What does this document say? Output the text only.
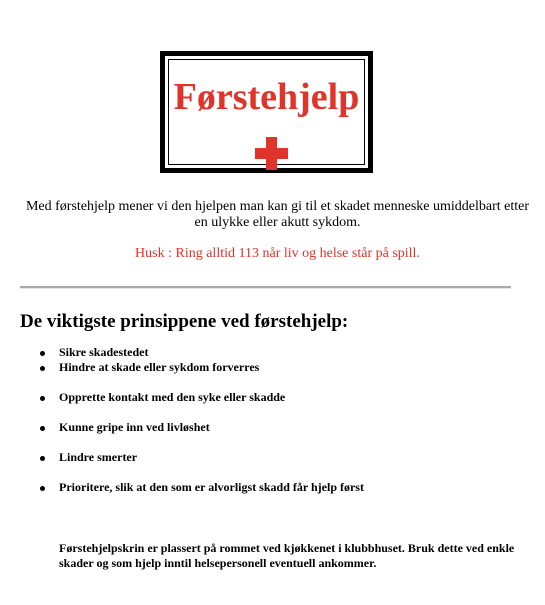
Førstehjelp
Med førstehjelp mener vi den hjelpen man kan gi til et skadet menneske umiddelbart etter en ulykke eller akutt sykdom.
Husk : Ring alltid 113 når liv og helse står på spill.
De viktigste prinsippene ved førstehjelp:
Sikre skadestedet
Hindre at skade eller sykdom forverres
Opprette kontakt med den syke eller skadde
Kunne gripe inn ved livløshet
Lindre smerter
Prioritere, slik at den som er alvorligst skadd får hjelp først
Førstehjelpskrin er plassert på rommet ved kjøkkenet i klubbhuset. Bruk dette ved enkle skader og som hjelp inntil helsepersonell eventuell ankommer.
